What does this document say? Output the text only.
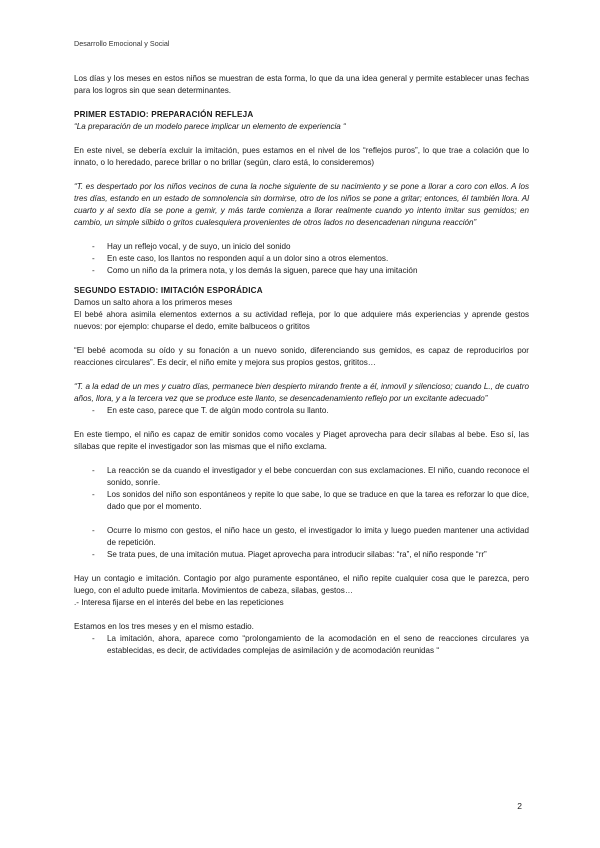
Desarrollo Emocional y Social

Los días y los meses en estos niños se muestran de esta forma, lo que da una idea general y permite establecer unas fechas para los logros sin que sean determinantes.

PRIMER ESTADIO: PREPARACIÓN REFLEJA

“La preparación de un modelo parece implicar un elemento de experiencia “

En este nivel, se debería excluir la imitación, pues estamos en el nivel de los “reflejos puros”, lo que trae a colación que lo innato, o lo heredado, parece brillar o no brillar (según, claro está, lo consideremos)

“T. es despertado por los niños vecinos de cuna la noche siguiente de su nacimiento y se pone a llorar a coro con ellos. A los tres días, estando en un estado de somnolencia sin dormirse, otro de los niños se pone a gritar; entonces, él también llora. Al cuarto y al sexto día se pone a gemir, y más tarde comienza a llorar realmente cuando yo intento imitar sus gemidos; en cambio, un simple silbido o gritos cualesquiera provenientes de otros lados no desencadenan ninguna reacción”

- Hay un reflejo vocal, y de suyo, un inicio del sonido
- En este caso, los llantos no responden aquí a un dolor sino a otros elementos.
- Como un niño da la primera nota, y los demás la siguen, parece que hay una imitación

SEGUNDO ESTADIO: IMITACIÓN ESPORÁDICA

Damos un salto ahora a los primeros meses

El bebé ahora asimila elementos externos a su actividad refleja, por lo que adquiere más experiencias y aprende gestos nuevos: por ejemplo: chuparse el dedo, emite balbuceos o grititos

“El bebé acomoda su oído y su fonación a un nuevo sonido, diferenciando sus gemidos, es capaz de reproducirlos por reacciones circulares”. Es decir, el niño emite y mejora sus propios gestos, grititos…

“T. a la edad de un mes y cuatro días, permanece bien despierto mirando frente a él, inmovil y silencioso; cuando L., de cuatro años, llora, y a la tercera vez que se produce este llanto, se desencadenamiento reflejo por un excitante adecuado”

- En este caso, parece que T. de algún modo controla su llanto.

En este tiempo, el niño es capaz de emitir sonidos como vocales y Piaget aprovecha para decir sílabas al bebe. Eso sí, las sílabas que repite el investigador son las mismas que el niño exclama.

- La reacción se da cuando el investigador y el bebe concuerdan con sus exclamaciones. El niño, cuando reconoce el sonido, sonríe.
- Los sonidos del niño son espontáneos y repite lo que sabe, lo que se traduce en que la tarea es reforzar lo que dice, dado que por el momento.
- Ocurre lo mismo con gestos, el niño hace un gesto, el investigador lo imita y luego pueden mantener una actividad de repetición.
- Se trata pues, de una imitación mutua. Piaget aprovecha para introducir silabas: “ra”, el niño responde “rr”

Hay un contagio e imitación. Contagio por algo puramente espontáneo, el niño repite cualquier cosa que le parezca, pero luego, con el adulto puede imitarla. Movimientos de cabeza, silabas, gestos…

.- Interesa fijarse en el interés del bebe en las repeticiones

Estamos en los tres meses y en el mismo estadio.

- La imitación, ahora, aparece como “prolongamiento de la acomodación en el seno de reacciones circulares ya establecidas, es decir, de actividades complejas de asimilación y de acomodación reunidas “
2
